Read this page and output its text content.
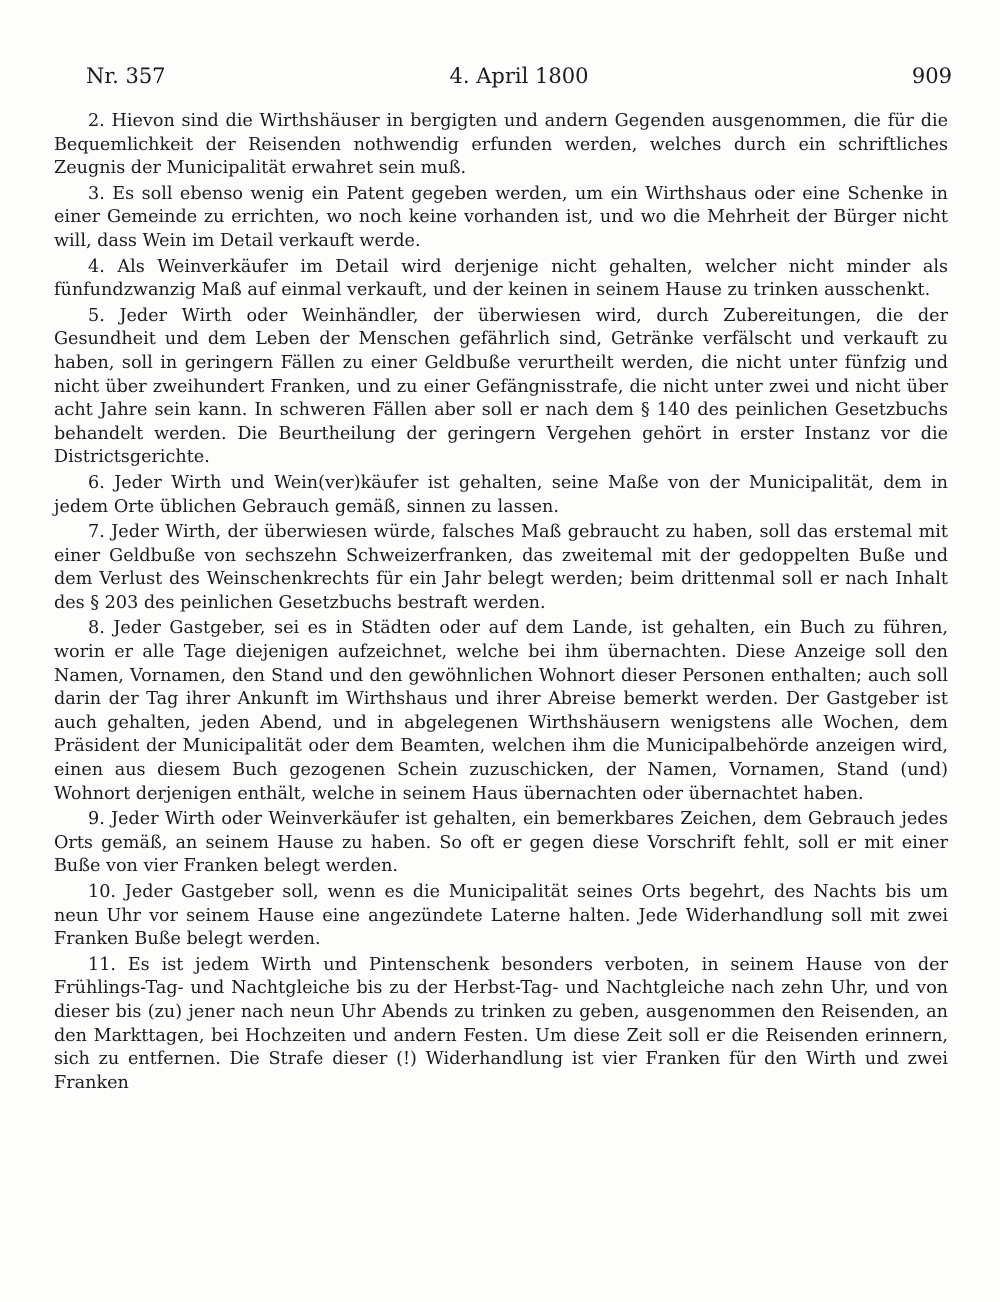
Nr. 357	4. April 1800	909

2. Hievon sind die Wirthshäuser in bergigten und andern Gegenden ausgenommen, die für die Bequemlichkeit der Reisenden nothwendig erfunden werden, welches durch ein schriftliches Zeugnis der Municipalität erwahret sein muß.

3. Es soll ebenso wenig ein Patent gegeben werden, um ein Wirthshaus oder eine Schenke in einer Gemeinde zu errichten, wo noch keine vorhanden ist, und wo die Mehrheit der Bürger nicht will, dass Wein im Detail verkauft werde.

4. Als Weinverkäufer im Detail wird derjenige nicht gehalten, welcher nicht minder als fünfundzwanzig Maß auf einmal verkauft, und der keinen in seinem Hause zu trinken ausschenkt.

5. Jeder Wirth oder Weinhändler, der überwiesen wird, durch Zubereitungen, die der Gesundheit und dem Leben der Menschen gefährlich sind, Getränke verfälscht und verkauft zu haben, soll in geringern Fällen zu einer Geldbuße verurtheilt werden, die nicht unter fünfzig und nicht über zweihundert Franken, und zu einer Gefängnisstrafe, die nicht unter zwei und nicht über acht Jahre sein kann. In schweren Fällen aber soll er nach dem § 140 des peinlichen Gesetzbuchs behandelt werden. Die Beurtheilung der geringern Vergehen gehört in erster Instanz vor die Districtsgerichte.

6. Jeder Wirth und Wein(ver)käufer ist gehalten, seine Maße von der Municipalität, dem in jedem Orte üblichen Gebrauch gemäß, sinnen zu lassen.

7. Jeder Wirth, der überwiesen würde, falsches Maß gebraucht zu haben, soll das erstemal mit einer Geldbuße von sechszehn Schweizerfranken, das zweitemal mit der gedoppelten Buße und dem Verlust des Weinschenkrechts für ein Jahr belegt werden; beim drittenmal soll er nach Inhalt des § 203 des peinlichen Gesetzbuchs bestraft werden.

8. Jeder Gastgeber, sei es in Städten oder auf dem Lande, ist gehalten, ein Buch zu führen, worin er alle Tage diejenigen aufzeichnet, welche bei ihm übernachten. Diese Anzeige soll den Namen, Vornamen, den Stand und den gewöhnlichen Wohnort dieser Personen enthalten; auch soll darin der Tag ihrer Ankunft im Wirthshaus und ihrer Abreise bemerkt werden. Der Gastgeber ist auch gehalten, jeden Abend, und in abgelegenen Wirthshäusern wenigstens alle Wochen, dem Präsident der Municipalität oder dem Beamten, welchen ihm die Municipalbehörde anzeigen wird, einen aus diesem Buch gezogenen Schein zuzuschicken, der Namen, Vornamen, Stand (und) Wohnort derjenigen enthält, welche in seinem Haus übernachten oder übernachtet haben.

9. Jeder Wirth oder Weinverkäufer ist gehalten, ein bemerkbares Zeichen, dem Gebrauch jedes Orts gemäß, an seinem Hause zu haben. So oft er gegen diese Vorschrift fehlt, soll er mit einer Buße von vier Franken belegt werden.

10. Jeder Gastgeber soll, wenn es die Municipalität seines Orts begehrt, des Nachts bis um neun Uhr vor seinem Hause eine angezündete Laterne halten. Jede Widerhandlung soll mit zwei Franken Buße belegt werden.

11. Es ist jedem Wirth und Pintenschenk besonders verboten, in seinem Hause von der Frühlings-Tag- und Nachtgleiche bis zu der Herbst-Tag- und Nachtgleiche nach zehn Uhr, und von dieser bis (zu) jener nach neun Uhr Abends zu trinken zu geben, ausgenommen den Reisenden, an den Markttagen, bei Hochzeiten und andern Festen. Um diese Zeit soll er die Reisenden erinnern, sich zu entfernen. Die Strafe dieser (!) Widerhandlung ist vier Franken für den Wirth und zwei Franken
